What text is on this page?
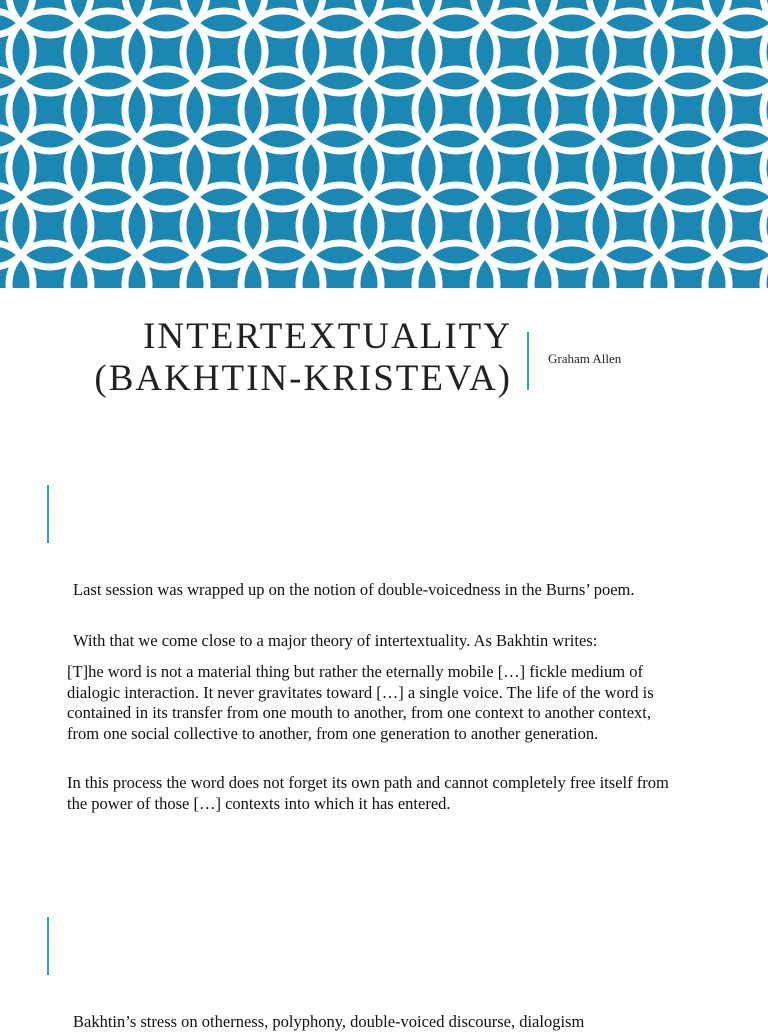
INTERTEXTUALITY
(BAKHTIN-KRISTEVA)	Graham Allen

Last session was wrapped up on the notion of double-voicedness in the Burns’ poem.

With that we come close to a major theory of intertextuality. As Bakhtin writes:

[T]he word is not a material thing but rather the eternally mobile […] fickle medium of dialogic interaction. It never gravitates toward […] a single voice. The life of the word is contained in its transfer from one mouth to another, from one context to another context, from one social collective to another, from one generation to another generation.

In this process the word does not forget its own path and cannot completely free itself from the power of those […] contexts into which it has entered.

Bakhtin’s stress on otherness, polyphony, double-voiced discourse, dialogism
